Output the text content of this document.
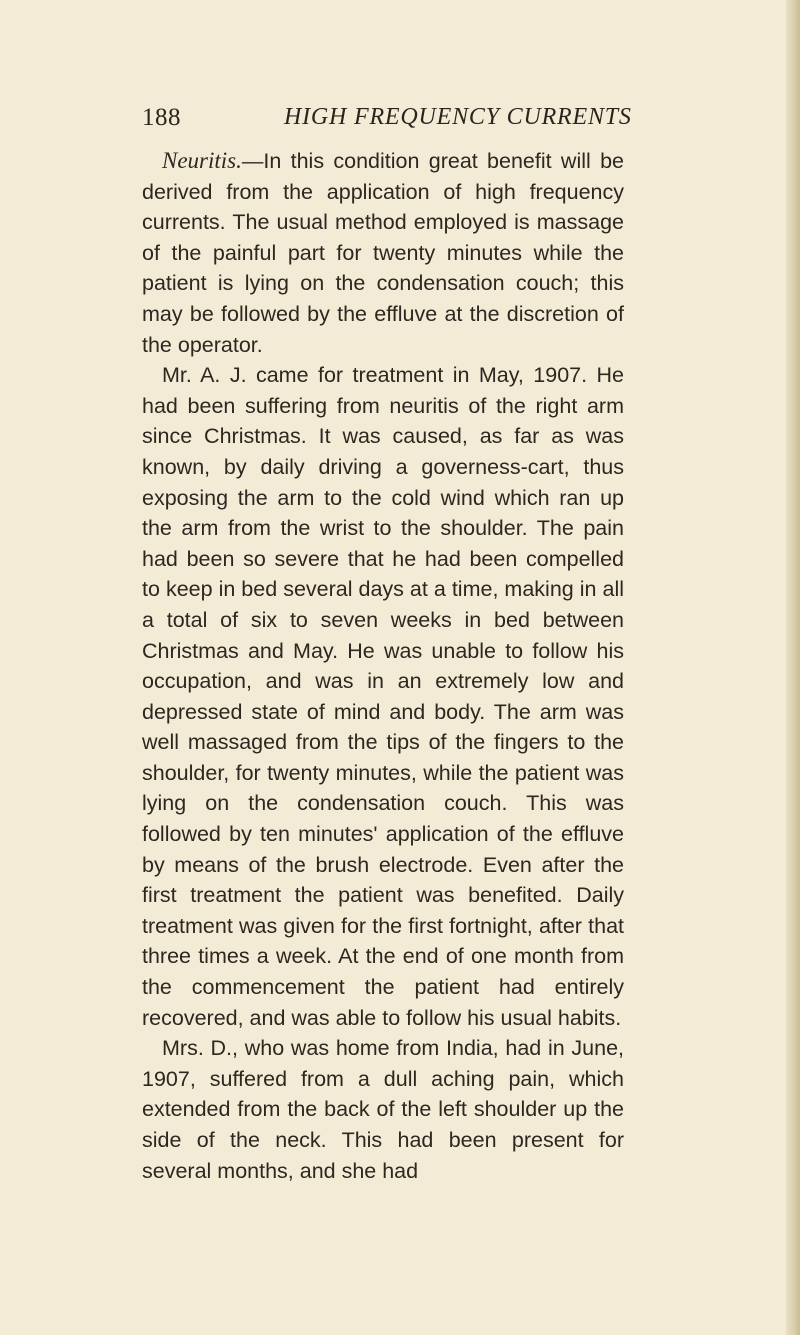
188	HIGH FREQUENCY CURRENTS

Neuritis.—In this condition great benefit will be derived from the application of high frequency currents. The usual method employed is massage of the painful part for twenty minutes while the patient is lying on the condensation couch; this may be followed by the effluve at the discretion of the operator.

Mr. A. J. came for treatment in May, 1907. He had been suffering from neuritis of the right arm since Christmas. It was caused, as far as was known, by daily driving a governess-cart, thus exposing the arm to the cold wind which ran up the arm from the wrist to the shoulder. The pain had been so severe that he had been compelled to keep in bed several days at a time, making in all a total of six to seven weeks in bed between Christmas and May. He was unable to follow his occupation, and was in an extremely low and depressed state of mind and body. The arm was well massaged from the tips of the fingers to the shoulder, for twenty minutes, while the patient was lying on the condensation couch. This was followed by ten minutes' application of the effluve by means of the brush electrode. Even after the first treatment the patient was benefited. Daily treatment was given for the first fortnight, after that three times a week. At the end of one month from the commencement the patient had entirely recovered, and was able to follow his usual habits.

Mrs. D., who was home from India, had in June, 1907, suffered from a dull aching pain, which extended from the back of the left shoulder up the side of the neck. This had been present for several months, and she had
